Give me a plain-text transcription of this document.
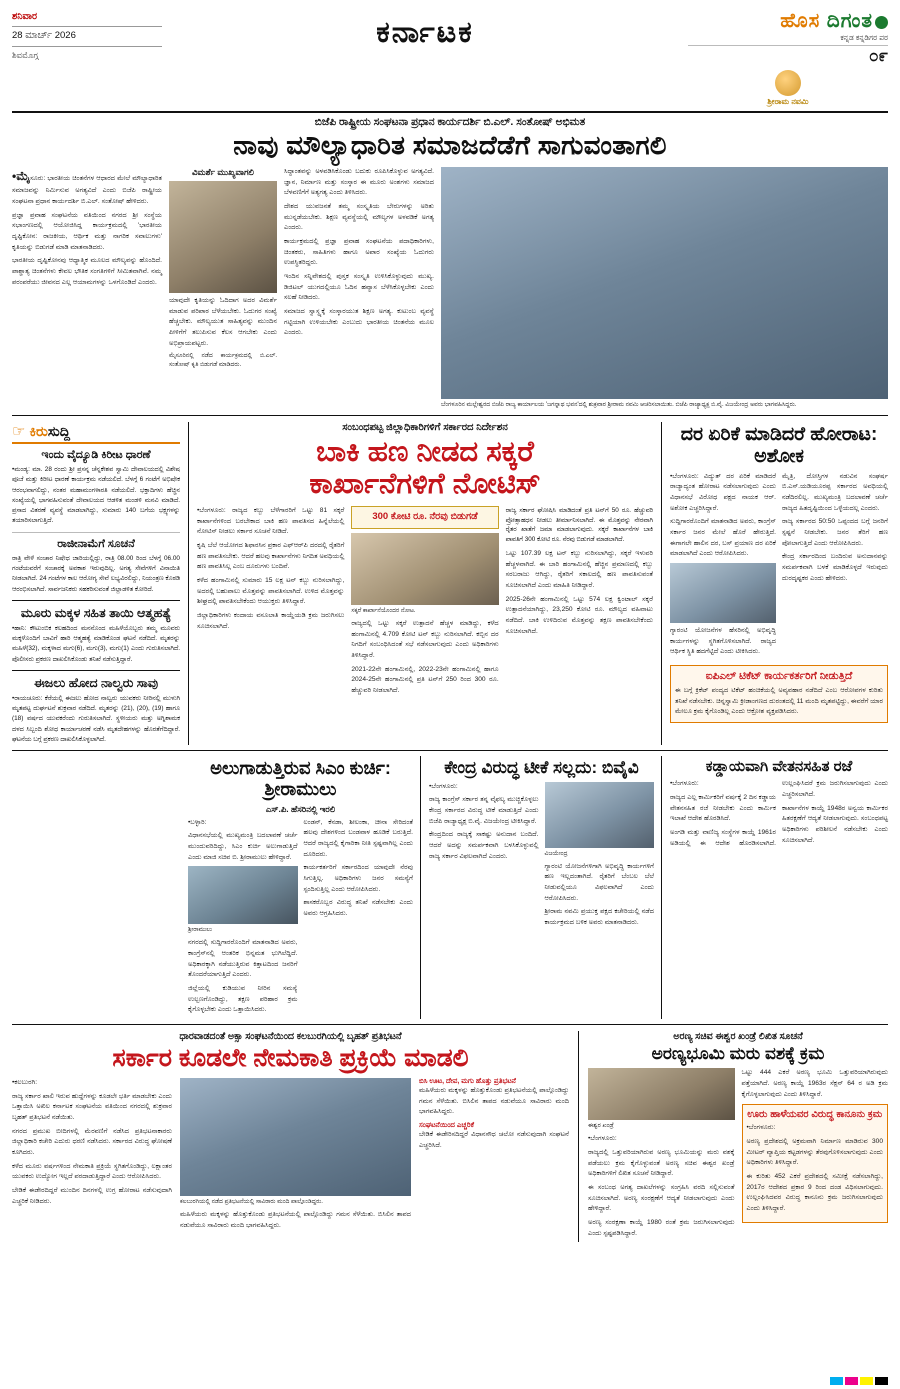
ಶನಿವಾರ
28 ಮಾರ್ಚ್ 2026
ಶಿವಮೊಗ್ಗ
ಕರ್ನಾಟಕ	ಹೊಸ ದಿಗಂತ
ಕನ್ನಡ ಕನ್ನಡಿಗರ ಪರ
೦೯
ಶ್ರೀರಾಮ ನವಮಿ
ಬಿಜೆಪಿ ರಾಷ್ಟ್ರೀಯ ಸಂಘಟನಾ ಪ್ರಧಾನ ಕಾರ್ಯದರ್ಶಿ ಬಿ.ಎಲ್. ಸಂತೋಷ್ ಅಭಿಮತ
ನಾವು ಮೌಲ್ಯಾಧಾರಿತ ಸಮಾಜದೆಡೆಗೆ ಸಾಗುವಂತಾಗಲಿ

•ಮೈಸೂರು: ಭಾರತೀಯ ಚಿಂತನೆಗಳ ಆಧಾರದ ಮೇಲೆ ಮೌಲ್ಯಾಧಾರಿತ ಸಮಾಜವನ್ನು ನಿರ್ಮಿಸುವ ಅಗತ್ಯವಿದೆ ಎಂದು ಬಿಜೆಪಿ ರಾಷ್ಟ್ರೀಯ ಸಂಘಟನಾ ಪ್ರಧಾನ ಕಾರ್ಯದರ್ಶಿ ಬಿ.ಎಲ್. ಸಂತೋಷ್ ಹೇಳಿದರು.

ಪ್ರಜ್ಞಾ ಪ್ರವಾಹ ಸಂಘಟನೆಯ ವತಿಯಿಂದ ನಗರದ ಶ್ರೀ ಸಂಸ್ಥೆಯ ಸಭಾಂಗಣದಲ್ಲಿ ಆಯೋಜಿಸಿದ್ದ ಕಾರ್ಯಕ್ರಮದಲ್ಲಿ 'ಭಾರತೀಯ ದೃಷ್ಟಿಕೋನ: ರಾಜಕೀಯ, ಆರ್ಥಿಕ ಮತ್ತು ನಾಗರಿಕ ಸವಾಲುಗಳು' ಕೃತಿಯನ್ನು ಬಿಡುಗಡೆ ಮಾಡಿ ಮಾತನಾಡಿದರು.

ಭಾರತೀಯ ದೃಷ್ಟಿಕೋನವು ಆಧ್ಯಾತ್ಮಿಕ ಮೂಲದ ಮೌಲ್ಯವನ್ನು ಹೊಂದಿದೆ. ಪಾಶ್ಚಾತ್ಯ ಚಿಂತನೆಗಳು ಕೇವಲ ಭೌತಿಕ ಸಂಗತಿಗಳಿಗೆ ಸೀಮಿತವಾಗಿವೆ. ನಮ್ಮ ಪರಂಪರೆಯು ಜೀವನದ ಎಲ್ಲ ಆಯಾಮಗಳನ್ನು ಒಳಗೊಂಡಿದೆ ಎಂದರು.

ವಿಮರ್ಶೆ ಮುಖ್ಯವಾಗಲಿ

ಯಾವುದೇ ಕೃತಿಯನ್ನು ಓದಿದಾಗ ಅದರ ವಿಮರ್ಶೆ ಮಾಡುವ ಪರಿಪಾಠ ಬೆಳೆಯಬೇಕು. ಓದುಗರ ಸಂಖ್ಯೆ ಹೆಚ್ಚಬೇಕು. ಮೌಲ್ಯಯುತ ಸಾಹಿತ್ಯವನ್ನು ಮುಂದಿನ ಪೀಳಿಗೆಗೆ ತಲುಪಿಸುವ ಕೆಲಸ ಆಗಬೇಕು ಎಂದು ಅಭಿಪ್ರಾಯಪಟ್ಟರು.

ಮೈಸೂರಿನಲ್ಲಿ ನಡೆದ ಕಾರ್ಯಕ್ರಮದಲ್ಲಿ ಬಿ.ಎಲ್. ಸಂತೋಷ್ ಕೃತಿ ಬಿಡುಗಡೆ ಮಾಡಿದರು.

ಸಿದ್ಧಾಂತವನ್ನು ಅಳವಡಿಸಿಕೊಂಡು ಬದುಕು ರೂಪಿಸಿಕೊಳ್ಳುವ ಅಗತ್ಯವಿದೆ. ಜ್ಞಾನ, ನಿರ್ಮಾಣ ಮತ್ತು ಸಂಸ್ಕಾರ ಈ ಮೂರು ಅಂಶಗಳು ಸಮಾಜದ ಬೆಳವಣಿಗೆಗೆ ಅತ್ಯಗತ್ಯ ಎಂದು ತಿಳಿಸಿದರು.

ದೇಶದ ಯುವಜನತೆ ತಮ್ಮ ಸಂಸ್ಕೃತಿಯ ಬೇರುಗಳನ್ನು ಅರಿತು ಮುನ್ನಡೆಯಬೇಕು. ಶಿಕ್ಷಣ ವ್ಯವಸ್ಥೆಯಲ್ಲಿ ಮೌಲ್ಯಗಳ ಅಳವಡಿಕೆ ಅಗತ್ಯ ಎಂದರು.

ಕಾರ್ಯಕ್ರಮದಲ್ಲಿ ಪ್ರಜ್ಞಾ ಪ್ರವಾಹ ಸಂಘಟನೆಯ ಪದಾಧಿಕಾರಿಗಳು, ಚಿಂತಕರು, ಸಾಹಿತಿಗಳು ಹಾಗೂ ಅಪಾರ ಸಂಖ್ಯೆಯ ಓದುಗರು ಉಪಸ್ಥಿತರಿದ್ದರು.

ಇಂದಿನ ಸನ್ನಿವೇಶದಲ್ಲಿ ಪುಸ್ತಕ ಸಂಸ್ಕೃತಿ ಉಳಿಸಿಕೊಳ್ಳುವುದು ಮುಖ್ಯ. ಡಿಜಿಟಲ್ ಯುಗದಲ್ಲಿಯೂ ಓದಿನ ಹವ್ಯಾಸ ಬೆಳೆಸಿಕೊಳ್ಳಬೇಕು ಎಂದು ಸಲಹೆ ನೀಡಿದರು.

ಸಮಾಜದ ಸ್ವಾಸ್ಥ್ಯಕ್ಕೆ ಸಂಸ್ಕಾರಯುತ ಶಿಕ್ಷಣ ಅಗತ್ಯ. ಕುಟುಂಬ ವ್ಯವಸ್ಥೆ ಗಟ್ಟಿಯಾಗಿ ಉಳಿಯಬೇಕು ಎಂಬುದು ಭಾರತೀಯ ಚಿಂತನೆಯ ಮೂಲ ಎಂದರು.

ಬೆಂಗಳೂರಿನ ಮಲ್ಲೇಶ್ವರದ ಬಿಜೆಪಿ ರಾಜ್ಯ ಕಾರ್ಯಾಲಯ 'ಜಗನ್ನಾಥ ಭವನ'ದಲ್ಲಿ ಶುಕ್ರವಾರ ಶ್ರೀರಾಮ ನವಮಿ ಆಚರಿಸಲಾಯಿತು. ಬಿಜೆಪಿ ರಾಜ್ಯಾಧ್ಯಕ್ಷ ಬಿ.ವೈ. ವಿಜಯೇಂದ್ರ ಅವರು ಭಾಗವಹಿಸಿದ್ದರು.
☞ ಕಿರುಸುದ್ದಿ
ಇಂದು ವೈದ್ಯೂಡಿ ಕಿರೀಟ ಧಾರಣೆ
•ಮಂಡ್ಯ: ಮಾ. 28 ರಂದು ಶ್ರೀ ಪ್ರಸನ್ನ ಚೆನ್ನಕೇಶವ ಸ್ವಾಮಿ ದೇವಾಲಯದಲ್ಲಿ ವಿಶೇಷ ಪೂಜೆ ಮತ್ತು ಕಿರೀಟ ಧಾರಣೆ ಕಾರ್ಯಕ್ರಮ ನಡೆಯಲಿದೆ. ಬೆಳಗ್ಗೆ 6 ಗಂಟೆಗೆ ಅಭಿಷೇಕ ಆರಂಭವಾಗಲಿದ್ದು, ನಂತರ ಮಹಾಮಂಗಳಾರತಿ ನಡೆಯಲಿದೆ. ಭಕ್ತಾದಿಗಳು ಹೆಚ್ಚಿನ ಸಂಖ್ಯೆಯಲ್ಲಿ ಭಾಗವಹಿಸುವಂತೆ ದೇವಾಲಯದ ಆಡಳಿತ ಮಂಡಳಿ ಮನವಿ ಮಾಡಿದೆ. ಪ್ರಸಾದ ವಿತರಣೆ ವ್ಯವಸ್ಥೆ ಮಾಡಲಾಗಿದ್ದು, ಸುಮಾರು 140 ಬಗೆಯ ಭಕ್ಷ್ಯಗಳನ್ನು ತಯಾರಿಸಲಾಗುತ್ತಿದೆ.
ರಾಜೀನಾಮೆಗೆ ಸೂಚನೆ
ರಾತ್ರಿ ವೇಳೆ ಸಂಚಾರ ನಿಷೇಧ ಜಾರಿಯಲ್ಲಿದ್ದು, ರಾತ್ರಿ 08.00 ರಿಂದ ಬೆಳಗ್ಗೆ 06.00 ಗಂಟೆಯವರೆಗೆ ಸಂಚಾರಕ್ಕೆ ಅವಕಾಶ ಇರುವುದಿಲ್ಲ. ಅಗತ್ಯ ಸೇವೆಗಳಿಗೆ ವಿನಾಯಿತಿ ನೀಡಲಾಗಿದೆ. 24 ಗಂಟೆಗಳ ಕಾಲ ಆರೋಗ್ಯ ಸೇವೆ ಲಭ್ಯವಿರಲಿದ್ದು, ನಿಯಂತ್ರಣ ಕೊಠಡಿ ಆರಂಭಿಸಲಾಗಿದೆ. ಸಾರ್ವಜನಿಕರು ಸಹಕರಿಸುವಂತೆ ಜಿಲ್ಲಾಡಳಿತ ಕೋರಿದೆ.
ಮೂರು ಮಕ್ಕಳ ಸಹಿತ ತಾಯಿ ಆತ್ಮಹತ್ಯೆ
•ಹಾನಿ: ಕೌಟುಂಬಿಕ ಕಲಹದಿಂದ ಮನನೊಂದ ಮಹಿಳೆಯೊಬ್ಬರು ತಮ್ಮ ಮೂವರು ಮಕ್ಕಳೊಂದಿಗೆ ಬಾವಿಗೆ ಹಾರಿ ಆತ್ಮಹತ್ಯೆ ಮಾಡಿಕೊಂಡ ಘಟನೆ ನಡೆದಿದೆ. ಮೃತರನ್ನು ಮಹಿಳೆ(32), ಮಕ್ಕಳಾದ ಮಗು(6), ಮಗು(3), ಮಗು(1) ಎಂದು ಗುರುತಿಸಲಾಗಿದೆ. ಪೊಲೀಸರು ಪ್ರಕರಣ ದಾಖಲಿಸಿಕೊಂಡು ತನಿಖೆ ನಡೆಸುತ್ತಿದ್ದಾರೆ.
ಈಜಲು ಹೋದ ನಾಲ್ವರು ಸಾವು
•ರಾಯಚೂರು: ಕೆರೆಯಲ್ಲಿ ಈಜಲು ಹೋದ ನಾಲ್ವರು ಯುವಕರು ನೀರಿನಲ್ಲಿ ಮುಳುಗಿ ಮೃತಪಟ್ಟ ದುರ್ಘಟನೆ ಶುಕ್ರವಾರ ನಡೆದಿದೆ. ಮೃತರನ್ನು (21), (20), (19) ಹಾಗೂ (18) ವರ್ಷದ ಯುವಕರೆಂದು ಗುರುತಿಸಲಾಗಿದೆ. ಸ್ಥಳೀಯರು ಮತ್ತು ಅಗ್ನಿಶಾಮಕ ದಳದ ಸಿಬ್ಬಂದಿ ಶೋಧ ಕಾರ್ಯಾಚರಣೆ ನಡೆಸಿ ಮೃತದೇಹಗಳನ್ನು ಹೊರತೆಗೆದಿದ್ದಾರೆ. ಘಟನೆಯ ಬಗ್ಗೆ ಪ್ರಕರಣ ದಾಖಲಿಸಿಕೊಳ್ಳಲಾಗಿದೆ.
ಸಂಬಂಧಪಟ್ಟ ಜಿಲ್ಲಾಧಿಕಾರಿಗಳಿಗೆ ಸರ್ಕಾರದ ನಿರ್ದೇಶನ
ಬಾಕಿ ಹಣ ನೀಡದ ಸಕ್ಕರೆ
ಕಾರ್ಖಾನೆಗಳಿಗೆ ನೋಟಿಸ್

•ಬೆಂಗಳೂರು: ರಾಜ್ಯದ ಕಬ್ಬು ಬೆಳೆಗಾರರಿಗೆ ಒಟ್ಟು 81 ಸಕ್ಕರೆ ಕಾರ್ಖಾನೆಗಳಿಂದ ಬರಬೇಕಾದ ಬಾಕಿ ಹಣ ಪಾವತಿಸದ ಹಿನ್ನೆಲೆಯಲ್ಲಿ ನೋಟಿಸ್ ನೀಡಲು ಸರ್ಕಾರ ಸೂಚನೆ ನೀಡಿದೆ.

ಕೃಷಿ ಬೆಲೆ ಆಯೋಗದ ಶಿಫಾರಸಿನ ಪ್ರಕಾರ ಎಫ್ಆರ್‌ಪಿ ದರದಲ್ಲಿ ರೈತರಿಗೆ ಹಣ ಪಾವತಿಸಬೇಕು. ಆದರೆ ಹಲವು ಕಾರ್ಖಾನೆಗಳು ನಿಗದಿತ ಅವಧಿಯಲ್ಲಿ ಹಣ ಪಾವತಿಸಿಲ್ಲ ಎಂಬ ದೂರುಗಳು ಬಂದಿವೆ.

ಕಳೆದ ಹಂಗಾಮಿನಲ್ಲಿ ಸುಮಾರು 15 ಲಕ್ಷ ಟನ್ ಕಬ್ಬು ನುರಿಸಲಾಗಿದ್ದು, ಅದರಲ್ಲಿ ಬಹುಪಾಲು ಮೊತ್ತವನ್ನು ಪಾವತಿಸಲಾಗಿದೆ. ಉಳಿದ ಮೊತ್ತವನ್ನು ಶೀಘ್ರದಲ್ಲಿ ಪಾವತಿಸಬೇಕೆಂದು ಆಯುಕ್ತರು ತಿಳಿಸಿದ್ದಾರೆ.

ಜಿಲ್ಲಾಧಿಕಾರಿಗಳು ಕಂದಾಯ ವಸೂಲಾತಿ ಕಾಯ್ದೆಯಡಿ ಕ್ರಮ ಜರುಗಿಸಲು ಸೂಚಿಸಲಾಗಿದೆ.

300 ಕೋಟಿ ರೂ. ನೆರವು ಬಿಡುಗಡೆ
ಸಕ್ಕರೆ ಕಾರ್ಖಾನೆಯೊಂದರ ನೋಟ.

ರಾಜ್ಯದಲ್ಲಿ ಒಟ್ಟು ಸಕ್ಕರೆ ಉತ್ಪಾದನೆ ಹೆಚ್ಚಳ ಮಾಡಿದ್ದು, ಕಳೆದ ಹಂಗಾಮಿನಲ್ಲಿ 4.709 ಕೋಟಿ ಟನ್ ಕಬ್ಬು ನುರಿಸಲಾಗಿದೆ. ಕಬ್ಬಿನ ದರ ನಿಗದಿಗೆ ಸಂಬಂಧಿಸಿದಂತೆ ಸಭೆ ನಡೆಸಲಾಗುವುದು ಎಂದು ಅಧಿಕಾರಿಗಳು ತಿಳಿಸಿದ್ದಾರೆ.

2021-22ನೇ ಹಂಗಾಮಿನಲ್ಲಿ, 2022-23ನೇ ಹಂಗಾಮಿನಲ್ಲಿ ಹಾಗೂ 2024-25ನೇ ಹಂಗಾಮಿನಲ್ಲಿ ಪ್ರತಿ ಟನ್‌ಗೆ 250 ರಿಂದ 300 ರೂ. ಹೆಚ್ಚುವರಿ ನೀಡಲಾಗಿದೆ.

ರಾಜ್ಯ ಸರ್ಕಾರ ಘೋಷಿಸಿ ಮಾಡಿದಂತೆ ಪ್ರತಿ ಟನ್‌ಗೆ 50 ರೂ. ಹೆಚ್ಚುವರಿ ಪ್ರೋತ್ಸಾಹಧನ ನೀಡಲು ತೀರ್ಮಾನಿಸಲಾಗಿದೆ. ಈ ಮೊತ್ತವನ್ನು ನೇರವಾಗಿ ರೈತರ ಖಾತೆಗೆ ಜಮಾ ಮಾಡಲಾಗುವುದು. ಸಕ್ಕರೆ ಕಾರ್ಖಾನೆಗಳ ಬಾಕಿ ಪಾವತಿಗೆ 300 ಕೋಟಿ ರೂ. ನೆರವು ಬಿಡುಗಡೆ ಮಾಡಲಾಗಿದೆ.

ಒಟ್ಟು 107.39 ಲಕ್ಷ ಟನ್ ಕಬ್ಬು ನುರಿಸಲಾಗಿದ್ದು, ಸಕ್ಕರೆ ಇಳುವರಿ ಹೆಚ್ಚಳವಾಗಿದೆ. ಈ ಬಾರಿ ಹಂಗಾಮಿನಲ್ಲಿ ಹೆಚ್ಚಿನ ಪ್ರಮಾಣದಲ್ಲಿ ಕಬ್ಬು ಸರಬರಾಜು ಆಗಿದ್ದು, ರೈತರಿಗೆ ಸಕಾಲದಲ್ಲಿ ಹಣ ಪಾವತಿಸುವಂತೆ ಸೂಚಿಸಲಾಗಿದೆ ಎಂದು ಮಾಹಿತಿ ನೀಡಿದ್ದಾರೆ.

2025-26ನೇ ಹಂಗಾಮಿನಲ್ಲಿ ಒಟ್ಟು 574 ಲಕ್ಷ ಕ್ವಿಂಟಾಲ್ ಸಕ್ಕರೆ ಉತ್ಪಾದನೆಯಾಗಿದ್ದು, 23,250 ಕೋಟಿ ರೂ. ಮೌಲ್ಯದ ವಹಿವಾಟು ನಡೆದಿದೆ. ಬಾಕಿ ಉಳಿದಿರುವ ಮೊತ್ತವನ್ನು ತಕ್ಷಣ ಪಾವತಿಸಬೇಕೆಂದು ಸೂಚಿಸಲಾಗಿದೆ.

ದರ ಏರಿಕೆ ಮಾಡಿದರೆ ಹೋರಾಟ: ಅಶೋಕ

•ಬೆಂಗಳೂರು: ವಿದ್ಯುತ್ ದರ ಏರಿಕೆ ಮಾಡಿದರೆ ರಾಜ್ಯಾದ್ಯಂತ ಹೋರಾಟ ನಡೆಸಲಾಗುವುದು ಎಂದು ವಿಧಾನಸಭೆ ವಿರೋಧ ಪಕ್ಷದ ನಾಯಕ ಆರ್. ಅಶೋಕ ಎಚ್ಚರಿಸಿದ್ದಾರೆ.

ಸುದ್ದಿಗಾರರೊಂದಿಗೆ ಮಾತನಾಡಿದ ಅವರು, ಕಾಂಗ್ರೆಸ್ ಸರ್ಕಾರ ಜನರ ಮೇಲೆ ಹೊರೆ ಹೇರುತ್ತಿದೆ. ಈಗಾಗಲೇ ಹಾಲಿನ ದರ, ಬಸ್ ಪ್ರಯಾಣ ದರ ಏರಿಕೆ ಮಾಡಲಾಗಿದೆ ಎಂದು ಆರೋಪಿಸಿದರು.

ಗ್ಯಾರಂಟಿ ಯೋಜನೆಗಳ ಹೆಸರಿನಲ್ಲಿ ಅಭಿವೃದ್ಧಿ ಕಾರ್ಯಗಳನ್ನು ಸ್ಥಗಿತಗೊಳಿಸಲಾಗಿದೆ. ರಾಜ್ಯದ ಆರ್ಥಿಕ ಸ್ಥಿತಿ ಹದಗೆಟ್ಟಿದೆ ಎಂದು ಟೀಕಿಸಿದರು.

ಮೈತ್ರಿ, ದೋಸ್ತಿಗಳ ನಡುವಿನ ಸಂಘರ್ಷ ಬಿ.ಎಸ್.ಯಡಿಯೂರಪ್ಪ ಸರ್ಕಾರದ ಅವಧಿಯಲ್ಲಿ ನಡೆದಿರಲಿಲ್ಲ. ಮುಖ್ಯಮಂತ್ರಿ ಬದಲಾವಣೆ ಚರ್ಚೆ ರಾಜ್ಯದ ಹಿತದೃಷ್ಟಿಯಿಂದ ಒಳ್ಳೆಯದಲ್ಲ ಎಂದರು.

ರಾಜ್ಯ ಸರ್ಕಾರದ 50:50 ಒಪ್ಪಂದದ ಬಗ್ಗೆ ಜನರಿಗೆ ಸ್ಪಷ್ಟನೆ ನೀಡಬೇಕು. ಜನರ ತೆರಿಗೆ ಹಣ ಪೋಲಾಗುತ್ತಿದೆ ಎಂದು ಆರೋಪಿಸಿದರು.

ಕೇಂದ್ರ ಸರ್ಕಾರದಿಂದ ಬಂದಿರುವ ಅನುದಾನವನ್ನು ಸಮರ್ಪಕವಾಗಿ ಬಳಕೆ ಮಾಡಿಕೊಳ್ಳದೆ ಇರುವುದು ದುರದೃಷ್ಟಕರ ಎಂದು ಹೇಳಿದರು.

ಐಪಿಎಲ್ ಟಿಕೆಟ್ ಕಾರ್ಯಕರ್ತರಿಗೆ ನೀಡುತ್ತಿದೆ
ಈ ಬಗ್ಗೆ ಕ್ರಿಕೆಟ್ ಪಂದ್ಯದ ಟಿಕೆಟ್ ಹಂಚಿಕೆಯಲ್ಲಿ ಅವ್ಯವಹಾರ ನಡೆದಿದೆ ಎಂಬ ಆರೋಪಗಳ ಕುರಿತು ತನಿಖೆ ನಡೆಸಬೇಕು. ಚಿನ್ನಸ್ವಾಮಿ ಕ್ರೀಡಾಂಗಣದ ದುರಂತದಲ್ಲಿ 11 ಮಂದಿ ಮೃತಪಟ್ಟಿದ್ದು, ಈವರೆಗೆ ಯಾರ ಮೇಲೂ ಕ್ರಮ ಕೈಗೊಂಡಿಲ್ಲ ಎಂದು ಆಕ್ರೋಶ ವ್ಯಕ್ತಪಡಿಸಿದರು.
ಅಲುಗಾಡುತ್ತಿರುವ ಸಿಎಂ ಕುರ್ಚಿ: ಶ್ರೀರಾಮುಲು
ಎಸ್.ಪಿ. ಹೆಸರಿನಲ್ಲಿ ಇರಲಿ

•ಬಳ್ಳಾರಿ:

ವಿಧಾನಸಭೆಯಲ್ಲಿ ಮುಖ್ಯಮಂತ್ರಿ ಬದಲಾವಣೆ ಚರ್ಚೆ ಮುಂದುವರಿದಿದ್ದು, ಸಿಎಂ ಕುರ್ಚಿ ಅಲುಗಾಡುತ್ತಿದೆ ಎಂದು ಮಾಜಿ ಸಚಿವ ಬಿ. ಶ್ರೀರಾಮುಲು ಹೇಳಿದ್ದಾರೆ.

ಶ್ರೀರಾಮುಲು

ನಗರದಲ್ಲಿ ಸುದ್ದಿಗಾರರೊಂದಿಗೆ ಮಾತನಾಡಿದ ಅವರು, ಕಾಂಗ್ರೆಸ್‌ನಲ್ಲಿ ಆಂತರಿಕ ಭಿನ್ನಮತ ಭುಗಿಲೆದ್ದಿದೆ. ಅಧಿಕಾರಕ್ಕಾಗಿ ನಡೆಯುತ್ತಿರುವ ಕಿತ್ತಾಟದಿಂದ ಜನರಿಗೆ ತೊಂದರೆಯಾಗುತ್ತಿದೆ ಎಂದರು.

ಜಿಲ್ಲೆಯಲ್ಲಿ ಕುಡಿಯುವ ನೀರಿನ ಸಮಸ್ಯೆ ಉಲ್ಬಣಗೊಂಡಿದ್ದು, ತಕ್ಷಣ ಪರಿಹಾರ ಕ್ರಮ ಕೈಗೊಳ್ಳಬೇಕು ಎಂದು ಒತ್ತಾಯಿಸಿದರು.

ಲಂಡನ್, ಕೆನಡಾ, ಶೀಲಂಕಾ, ಚೀನಾ ಸೇರಿದಂತೆ ಹಲವು ದೇಶಗಳಿಂದ ಬಂಡವಾಳ ಹೂಡಿಕೆ ಬರುತ್ತಿದೆ. ಆದರೆ ರಾಜ್ಯದಲ್ಲಿ ಕೈಗಾರಿಕಾ ನೀತಿ ಸ್ಪಷ್ಟವಾಗಿಲ್ಲ ಎಂದು ದೂರಿದರು.

ಕಾರ್ಯಕರ್ತರಿಗೆ ಸರ್ಕಾರದಿಂದ ಯಾವುದೇ ನೆರವು ಸಿಗುತ್ತಿಲ್ಲ. ಅಧಿಕಾರಿಗಳು ಜನರ ಸಮಸ್ಯೆಗೆ ಸ್ಪಂದಿಸುತ್ತಿಲ್ಲ ಎಂದು ಆರೋಪಿಸಿದರು.

ಶಾಸಕರೊಬ್ಬರ ವಿರುದ್ಧ ತನಿಖೆ ನಡೆಸಬೇಕು ಎಂದು ಅವರು ಆಗ್ರಹಿಸಿದರು.

ಕೇಂದ್ರ ವಿರುದ್ಧ ಟೀಕೆ ಸಲ್ಲದು: ಬಿವೈವಿ

•ಬೆಂಗಳೂರು:

ರಾಜ್ಯ ಕಾಂಗ್ರೆಸ್ ಸರ್ಕಾರ ತನ್ನ ವೈಫಲ್ಯ ಮುಚ್ಚಿಕೊಳ್ಳಲು ಕೇಂದ್ರ ಸರ್ಕಾರದ ವಿರುದ್ಧ ಟೀಕೆ ಮಾಡುತ್ತಿದೆ ಎಂದು ಬಿಜೆಪಿ ರಾಜ್ಯಾಧ್ಯಕ್ಷ ಬಿ.ವೈ. ವಿಜಯೇಂದ್ರ ಟೀಕಿಸಿದ್ದಾರೆ.

ಕೇಂದ್ರದಿಂದ ರಾಜ್ಯಕ್ಕೆ ಸಾಕಷ್ಟು ಅನುದಾನ ಬಂದಿದೆ. ಆದರೆ ಅದನ್ನು ಸಮರ್ಪಕವಾಗಿ ಬಳಸಿಕೊಳ್ಳುವಲ್ಲಿ ರಾಜ್ಯ ಸರ್ಕಾರ ವಿಫಲವಾಗಿದೆ ಎಂದರು.	ವಿಜಯೇಂದ್ರ

ಗ್ಯಾರಂಟಿ ಯೋಜನೆಗಳಿಗಾಗಿ ಅಭಿವೃದ್ಧಿ ಕಾರ್ಯಗಳಿಗೆ ಹಣ ಇಲ್ಲದಂತಾಗಿದೆ. ರೈತರಿಗೆ ಬೆಂಬಲ ಬೆಲೆ ನೀಡುವಲ್ಲಿಯೂ ವಿಫಲವಾಗಿದೆ ಎಂದು ಆರೋಪಿಸಿದರು.

ಶ್ರೀರಾಮ ನವಮಿ ಪ್ರಯುಕ್ತ ಪಕ್ಷದ ಕಚೇರಿಯಲ್ಲಿ ನಡೆದ ಕಾರ್ಯಕ್ರಮದ ಬಳಿಕ ಅವರು ಮಾತನಾಡಿದರು.

ಕಡ್ಡಾಯವಾಗಿ ವೇತನಸಹಿತ ರಜೆ

•ಬೆಂಗಳೂರು:

ರಾಜ್ಯದ ಎಲ್ಲ ಕಾರ್ಮಿಕರಿಗೆ ವರ್ಷಕ್ಕೆ 2 ದಿನ ಕಡ್ಡಾಯ ವೇತನಸಹಿತ ರಜೆ ನೀಡಬೇಕು ಎಂದು ಕಾರ್ಮಿಕ ಇಲಾಖೆ ಆದೇಶ ಹೊರಡಿಸಿದೆ.

ಅಂಗಡಿ ಮತ್ತು ವಾಣಿಜ್ಯ ಸಂಸ್ಥೆಗಳ ಕಾಯ್ದೆ 1961ರ ಅಡಿಯಲ್ಲಿ ಈ ಆದೇಶ ಹೊರಡಿಸಲಾಗಿದೆ. ಉಲ್ಲಂಘಿಸಿದರೆ ಕ್ರಮ ಜರುಗಿಸಲಾಗುವುದು ಎಂದು ಎಚ್ಚರಿಸಲಾಗಿದೆ.

ಕಾರ್ಖಾನೆಗಳ ಕಾಯ್ದೆ 1948ರ ಅನ್ವಯ ಕಾರ್ಮಿಕರ ಹಿತರಕ್ಷಣೆಗೆ ಆದ್ಯತೆ ನೀಡಲಾಗುವುದು. ಸಂಬಂಧಪಟ್ಟ ಅಧಿಕಾರಿಗಳು ಪರಿಶೀಲನೆ ನಡೆಸಬೇಕು ಎಂದು ಸೂಚಿಸಲಾಗಿದೆ.

ಧಾರವಾಡದಂತೆ ಅಕ್ಸಾ ಸಂಘಟನೆಯಿಂದ ಕಲಬುರಗಿಯಲ್ಲಿ ಬೃಹತ್ ಪ್ರತಿಭಟನೆ
ಸರ್ಕಾರ ಕೂಡಲೇ ನೇಮಕಾತಿ ಪ್ರಕ್ರಿಯೆ ಮಾಡಲಿ

•ಕಲಬುರಗಿ:

ರಾಜ್ಯ ಸರ್ಕಾರ ಖಾಲಿ ಇರುವ ಹುದ್ದೆಗಳನ್ನು ಕೂಡಲೇ ಭರ್ತಿ ಮಾಡಬೇಕು ಎಂದು ಒತ್ತಾಯಿಸಿ ಅಖಿಲ ಕರ್ನಾಟಕ ಸಂಘಟನೆಯ ವತಿಯಿಂದ ನಗರದಲ್ಲಿ ಶುಕ್ರವಾರ ಬೃಹತ್ ಪ್ರತಿಭಟನೆ ನಡೆಯಿತು.

ನಗರದ ಪ್ರಮುಖ ಬೀದಿಗಳಲ್ಲಿ ಮೆರವಣಿಗೆ ನಡೆಸಿದ ಪ್ರತಿಭಟನಾಕಾರರು ಜಿಲ್ಲಾಧಿಕಾರಿ ಕಚೇರಿ ಎದುರು ಧರಣಿ ನಡೆಸಿದರು. ಸರ್ಕಾರದ ವಿರುದ್ಧ ಘೋಷಣೆ ಕೂಗಿದರು.

ಕಳೆದ ಮೂರು ವರ್ಷಗಳಿಂದ ನೇಮಕಾತಿ ಪ್ರಕ್ರಿಯೆ ಸ್ಥಗಿತಗೊಂಡಿದ್ದು, ಲಕ್ಷಾಂತರ ಯುವಕರು ಉದ್ಯೋಗ ಇಲ್ಲದೆ ಪರದಾಡುತ್ತಿದ್ದಾರೆ ಎಂದು ಆರೋಪಿಸಿದರು.

ಬೇಡಿಕೆ ಈಡೇರದಿದ್ದರೆ ಮುಂದಿನ ದಿನಗಳಲ್ಲಿ ಉಗ್ರ ಹೋರಾಟ ನಡೆಸುವುದಾಗಿ ಎಚ್ಚರಿಕೆ ನೀಡಿದರು.	ಕಲಬುರಗಿಯಲ್ಲಿ ನಡೆದ ಪ್ರತಿಭಟನೆಯಲ್ಲಿ ಸಾವಿರಾರು ಮಂದಿ ಪಾಲ್ಗೊಂಡಿದ್ದರು.
ಮಹಿಳೆಯರು ಮಕ್ಕಳನ್ನು ಹೊತ್ತುಕೊಂಡು ಪ್ರತಿಭಟನೆಯಲ್ಲಿ ಪಾಲ್ಗೊಂಡಿದ್ದು ಗಮನ ಸೆಳೆಯಿತು. ಬಿಸಿಲಿನ ತಾಪದ ನಡುವೆಯೂ ಸಾವಿರಾರು ಮಂದಿ ಭಾಗವಹಿಸಿದ್ದರು.
ಬಿಸಿ ಊಟ, ದೇವ, ಮಗು ಹೊತ್ತು ಪ್ರತಿಭಟನೆ
ಮಹಿಳೆಯರು ಮಕ್ಕಳನ್ನು ಹೊತ್ತುಕೊಂಡು ಪ್ರತಿಭಟನೆಯಲ್ಲಿ ಪಾಲ್ಗೊಂಡಿದ್ದು ಗಮನ ಸೆಳೆಯಿತು. ಬಿಸಿಲಿನ ತಾಪದ ನಡುವೆಯೂ ಸಾವಿರಾರು ಮಂದಿ ಭಾಗವಹಿಸಿದ್ದರು.
ಸಂಘಟನೆಯಿಂದ ಎಚ್ಚರಿಕೆ
ಬೇಡಿಕೆ ಈಡೇರಿಸದಿದ್ದರೆ ವಿಧಾನಸೌಧ ಚಲೋ ನಡೆಸುವುದಾಗಿ ಸಂಘಟನೆ ಎಚ್ಚರಿಸಿದೆ.
ಅರಣ್ಯ ಸಚಿವ ಈಶ್ವರ ಖಂಡ್ರೆ ಲಿಖಿತ ಸೂಚನೆ
ಅರಣ್ಯಭೂಮಿ ಮರು ವಶಕ್ಕೆ ಕ್ರಮ
ಈಶ್ವರ ಖಂಡ್ರೆ

•ಬೆಂಗಳೂರು:

ರಾಜ್ಯದಲ್ಲಿ ಒತ್ತುವರಿಯಾಗಿರುವ ಅರಣ್ಯ ಭೂಮಿಯನ್ನು ಮರು ವಶಕ್ಕೆ ಪಡೆಯಲು ಕ್ರಮ ಕೈಗೊಳ್ಳುವಂತೆ ಅರಣ್ಯ ಸಚಿವ ಈಶ್ವರ ಖಂಡ್ರೆ ಅಧಿಕಾರಿಗಳಿಗೆ ಲಿಖಿತ ಸೂಚನೆ ನೀಡಿದ್ದಾರೆ.

ಈ ಸಂಬಂಧ ಅಗತ್ಯ ದಾಖಲೆಗಳನ್ನು ಸಂಗ್ರಹಿಸಿ ವರದಿ ಸಲ್ಲಿಸುವಂತೆ ಸೂಚಿಸಲಾಗಿದೆ. ಅರಣ್ಯ ಸಂರಕ್ಷಣೆಗೆ ಆದ್ಯತೆ ನೀಡಲಾಗುವುದು ಎಂದು ಹೇಳಿದ್ದಾರೆ.

ಅರಣ್ಯ ಸಂರಕ್ಷಣಾ ಕಾಯ್ದೆ 1980 ರಂತೆ ಕ್ರಮ ಜರುಗಿಸಲಾಗುವುದು ಎಂದು ಸ್ಪಷ್ಟಪಡಿಸಿದ್ದಾರೆ.

ಒಟ್ಟು 444 ಎಕರೆ ಅರಣ್ಯ ಭೂಮಿ ಒತ್ತುವರಿಯಾಗಿರುವುದು ಪತ್ತೆಯಾಗಿದೆ. ಅರಣ್ಯ ಕಾಯ್ದೆ 1963ರ ಸೆಕ್ಷನ್ 64 ರ ಅಡಿ ಕ್ರಮ ಕೈಗೊಳ್ಳಲಾಗುವುದು ಎಂದು ತಿಳಿಸಿದ್ದಾರೆ.

ಊರು ಹಾಳೆಯವರ ವಿರುದ್ಧ ಕಾನೂನು ಕ್ರಮ

•ಬೆಂಗಳೂರು:

ಅರಣ್ಯ ಪ್ರದೇಶದಲ್ಲಿ ಅಕ್ರಮವಾಗಿ ನಿರ್ಮಾಣ ಮಾಡಿರುವ 300 ಮೀಟರ್ ವ್ಯಾಪ್ತಿಯ ಕಟ್ಟಡಗಳನ್ನು ತೆರವುಗೊಳಿಸಲಾಗುವುದು ಎಂದು ಅಧಿಕಾರಿಗಳು ತಿಳಿಸಿದ್ದಾರೆ.

ಈ ಕುರಿತು 452 ಎಕರೆ ಪ್ರದೇಶದಲ್ಲಿ ಸಮೀಕ್ಷೆ ನಡೆಸಲಾಗಿದ್ದು, 2017ರ ಆದೇಶದ ಪ್ರಕಾರ 9 ರಿಂದ ದಂಡ ವಿಧಿಸಲಾಗುವುದು. ಉಲ್ಲಂಘಿಸಿದವರ ವಿರುದ್ಧ ಕಾನೂನು ಕ್ರಮ ಜರುಗಿಸಲಾಗುವುದು ಎಂದು ತಿಳಿಸಿದ್ದಾರೆ.
